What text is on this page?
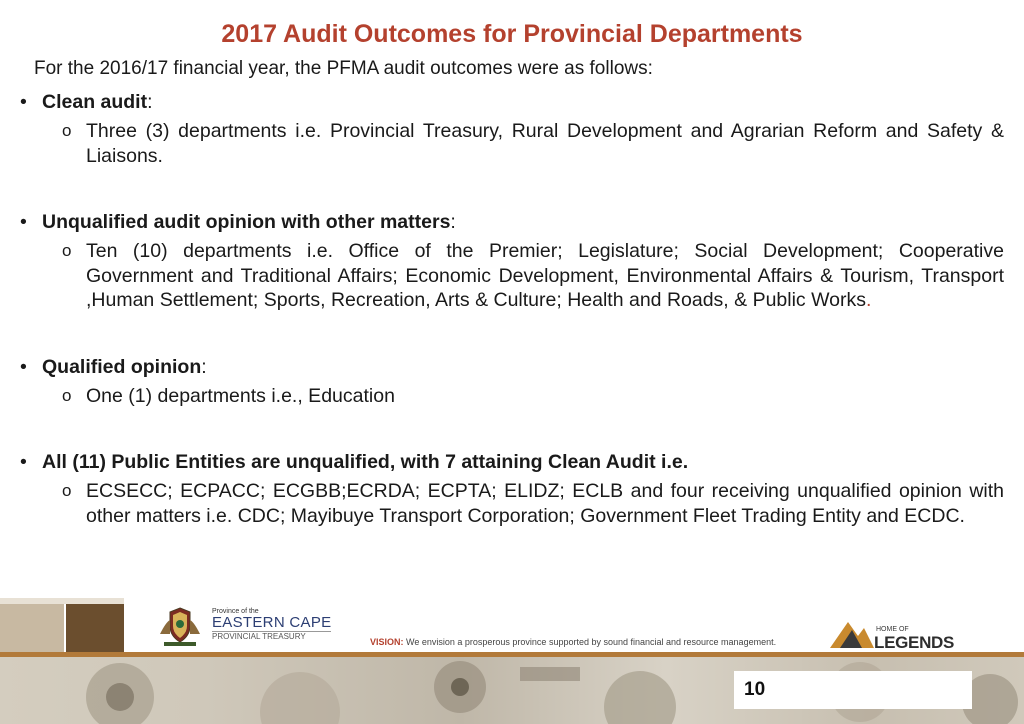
2017 Audit Outcomes for Provincial Departments
For the 2016/17 financial year, the PFMA audit outcomes were as follows:
• Clean audit:
o Three (3) departments i.e. Provincial Treasury, Rural Development and Agrarian Reform and Safety & Liaisons.
• Unqualified audit opinion with other matters:
o Ten (10) departments i.e. Office of the Premier; Legislature; Social Development; Cooperative Government and Traditional Affairs; Economic Development, Environmental Affairs & Tourism, Transport ,Human Settlement; Sports, Recreation, Arts & Culture; Health and Roads, & Public Works.
• Qualified opinion:
o One (1) departments i.e., Education
• All (11) Public Entities are unqualified, with 7 attaining Clean Audit i.e.
o ECSECC; ECPACC; ECGBB;ECRDA; ECPTA; ELIDZ; ECLB and four receiving unqualified opinion with other matters i.e. CDC; Mayibuye Transport Corporation; Government Fleet Trading Entity and ECDC.
Province of the
EASTERN CAPE
PROVINCIAL TREASURY
VISION: We envision a prosperous province supported by sound financial and resource management.
HOME OF
LEGENDS
10
